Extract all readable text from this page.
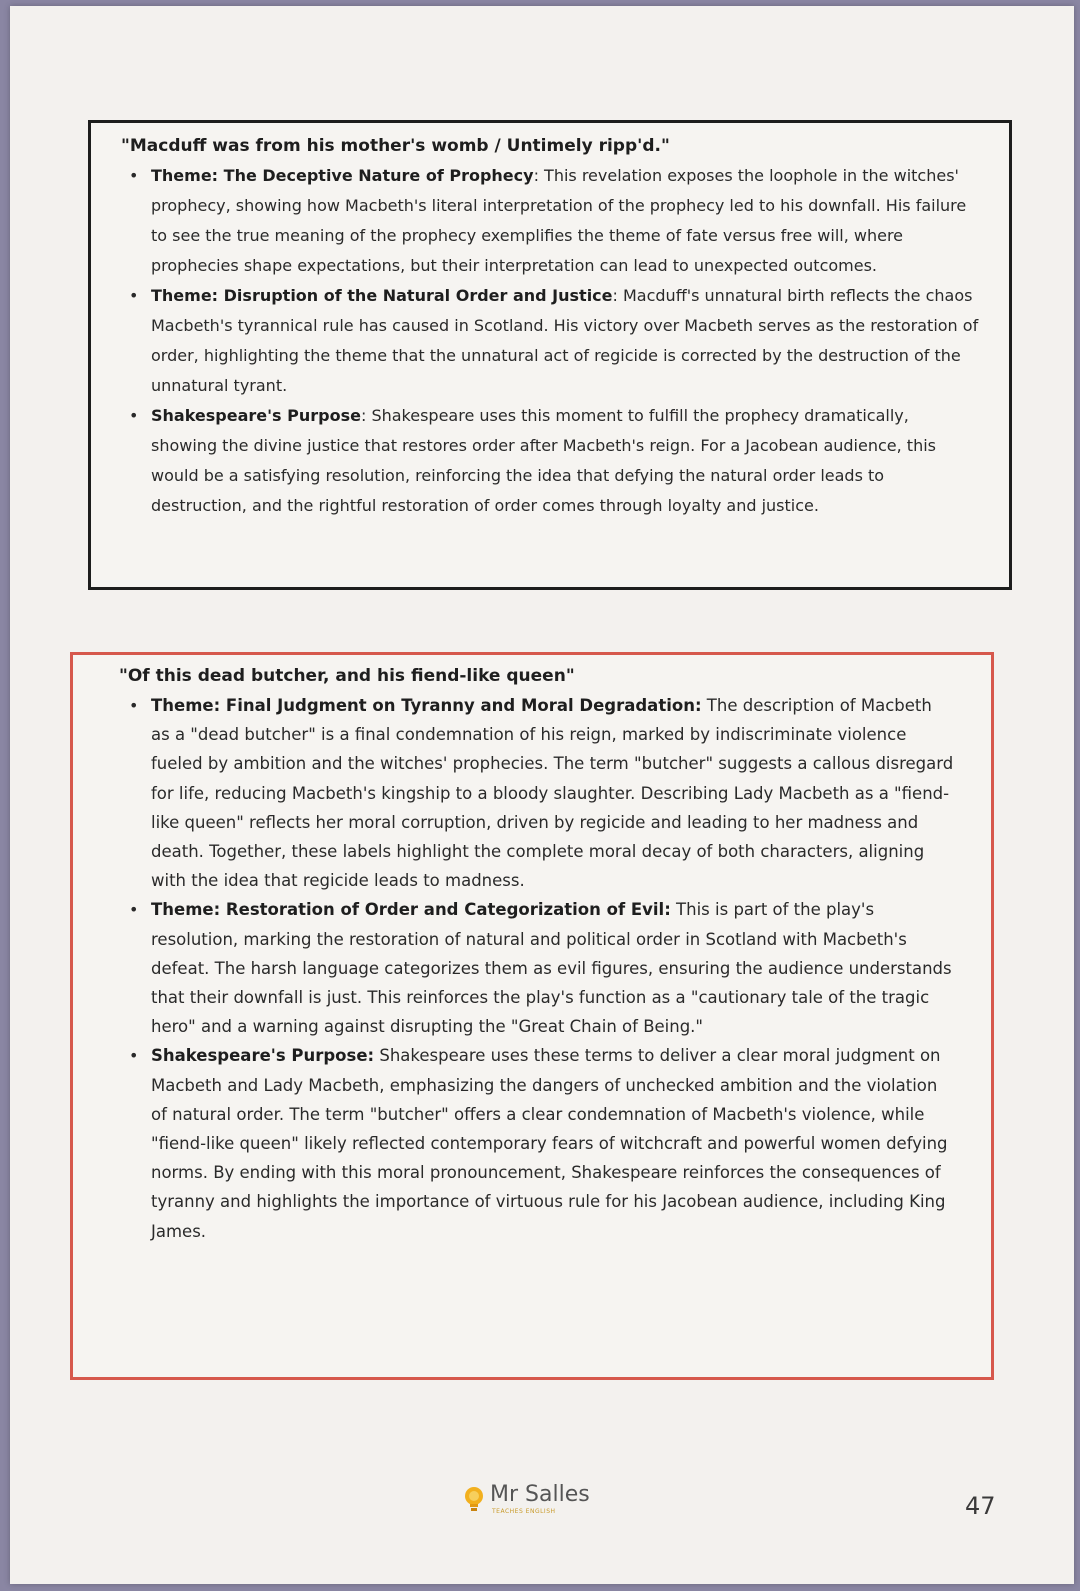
"Macduff was from his mother's womb / Untimely ripp'd."

• Theme: The Deceptive Nature of Prophecy: This revelation exposes the loophole in the witches' prophecy, showing how Macbeth's literal interpretation of the prophecy led to his downfall. His failure to see the true meaning of the prophecy exemplifies the theme of fate versus free will, where prophecies shape expectations, but their interpretation can lead to unexpected outcomes.
• Theme: Disruption of the Natural Order and Justice: Macduff's unnatural birth reflects the chaos Macbeth's tyrannical rule has caused in Scotland. His victory over Macbeth serves as the restoration of order, highlighting the theme that the unnatural act of regicide is corrected by the destruction of the unnatural tyrant.
• Shakespeare's Purpose: Shakespeare uses this moment to fulfill the prophecy dramatically, showing the divine justice that restores order after Macbeth's reign. For a Jacobean audience, this would be a satisfying resolution, reinforcing the idea that defying the natural order leads to destruction, and the rightful restoration of order comes through loyalty and justice.

"Of this dead butcher, and his fiend-like queen"

• Theme: Final Judgment on Tyranny and Moral Degradation: The description of Macbeth as a "dead butcher" is a final condemnation of his reign, marked by indiscriminate violence fueled by ambition and the witches' prophecies. The term "butcher" suggests a callous disregard for life, reducing Macbeth's kingship to a bloody slaughter. Describing Lady Macbeth as a "fiend-like queen" reflects her moral corruption, driven by regicide and leading to her madness and death. Together, these labels highlight the complete moral decay of both characters, aligning with the idea that regicide leads to madness.
• Theme: Restoration of Order and Categorization of Evil: This is part of the play's resolution, marking the restoration of natural and political order in Scotland with Macbeth's defeat. The harsh language categorizes them as evil figures, ensuring the audience understands that their downfall is just. This reinforces the play's function as a "cautionary tale of the tragic hero" and a warning against disrupting the "Great Chain of Being."
• Shakespeare's Purpose: Shakespeare uses these terms to deliver a clear moral judgment on Macbeth and Lady Macbeth, emphasizing the dangers of unchecked ambition and the violation of natural order. The term "butcher" offers a clear condemnation of Macbeth's violence, while "fiend-like queen" likely reflected contemporary fears of witchcraft and powerful women defying norms. By ending with this moral pronouncement, Shakespeare reinforces the consequences of tyranny and highlights the importance of virtuous rule for his Jacobean audience, including King James.
Mr Salles
TEACHES ENGLISH	47
